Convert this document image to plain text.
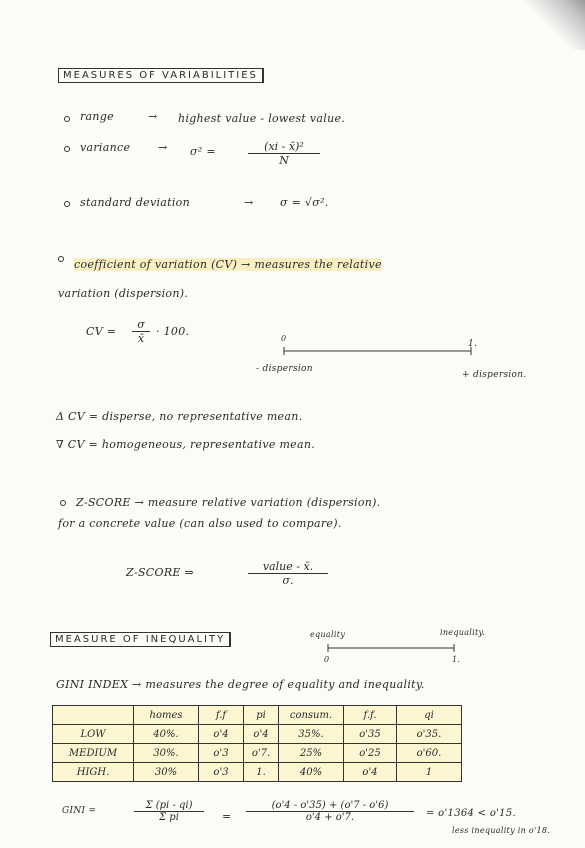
MEASURES OF VARIABILITIES
range	→ highest value - lowest value.
variance	→ σ² =	$\frac{\text{(xi - x̄)²}}{N}$
standard deviation	→ σ = √σ².
coefficient of variation (CV) → measures the relative
variation (dispersion).
CV = $\frac{\sigma}{x̄} \cdot 100$.
0
1.
- dispersion
+ dispersion.
Δ CV = disperse, no representative mean.
∇ CV = homogeneous, representative mean.
Z-SCORE → measure relative variation (dispersion).
for a concrete value (can also used to compare).
Z-SCORE ⇒	value - x̄.
σ.
MEASURE OF INEQUALITY	equality	inequality.
0	1.
GINI INDEX → measures the degree of equality and inequality.
	homes	f.f	pi	consum.	f.f.	qi
LOW	40%.	o'4	o'4	35%.	o'35	o'35.
MEDIUM	30%.	o'3	o'7.	25%	o'25	o'60.
HIGH.	30%	o'3	1.	40%	o'4	1
GINI =	$\frac{\Sigma (pi - qi)}{\text{Σ pi}} = \frac{(o'4 - o'35) + (o'7 - o'6)}{o'4 + o'7.} = o'1364 < o'15$.
less inequality in o'18.
